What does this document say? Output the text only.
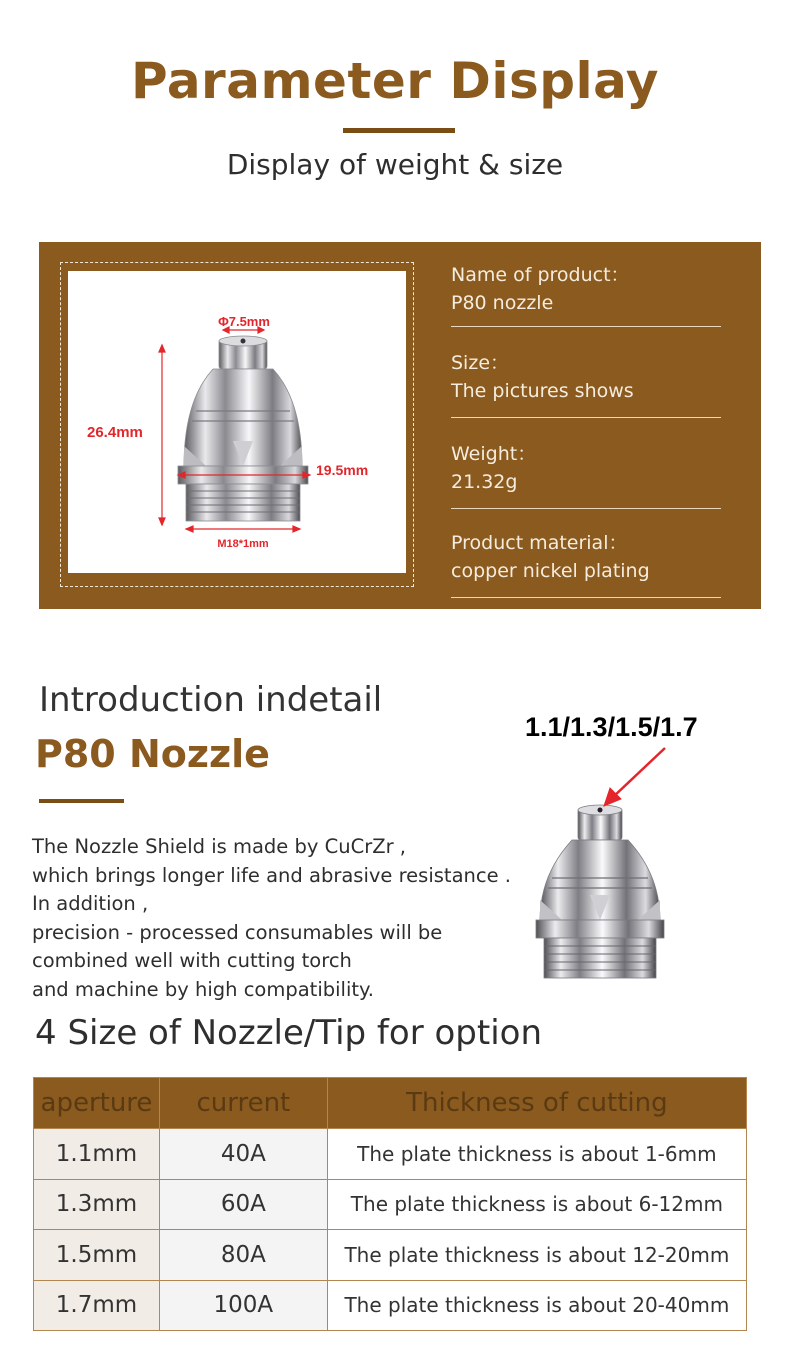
Parameter Display
Display of weight & size
Φ7.5mm
26.4mm
19.5mm
M18*1mm
Name of product：
P80 nozzle
Size：
The pictures shows
Weight：
21.32g
Product material：
copper nickel plating
Introduction indetail
P80 Nozzle
The Nozzle Shield is made by CuCrZr ,
which brings longer life and abrasive resistance .
In addition ,
precision - processed consumables will be
combined well with cutting torch
and machine by high compatibility.
1.1/1.3/1.5/1.7
4 Size of Nozzle/Tip for option
aperture	current	Thickness of cutting
1.1mm	40A	The plate thickness is about 1-6mm
1.3mm	60A	The plate thickness is about 6-12mm
1.5mm	80A	The plate thickness is about 12-20mm
1.7mm	100A	The plate thickness is about 20-40mm
